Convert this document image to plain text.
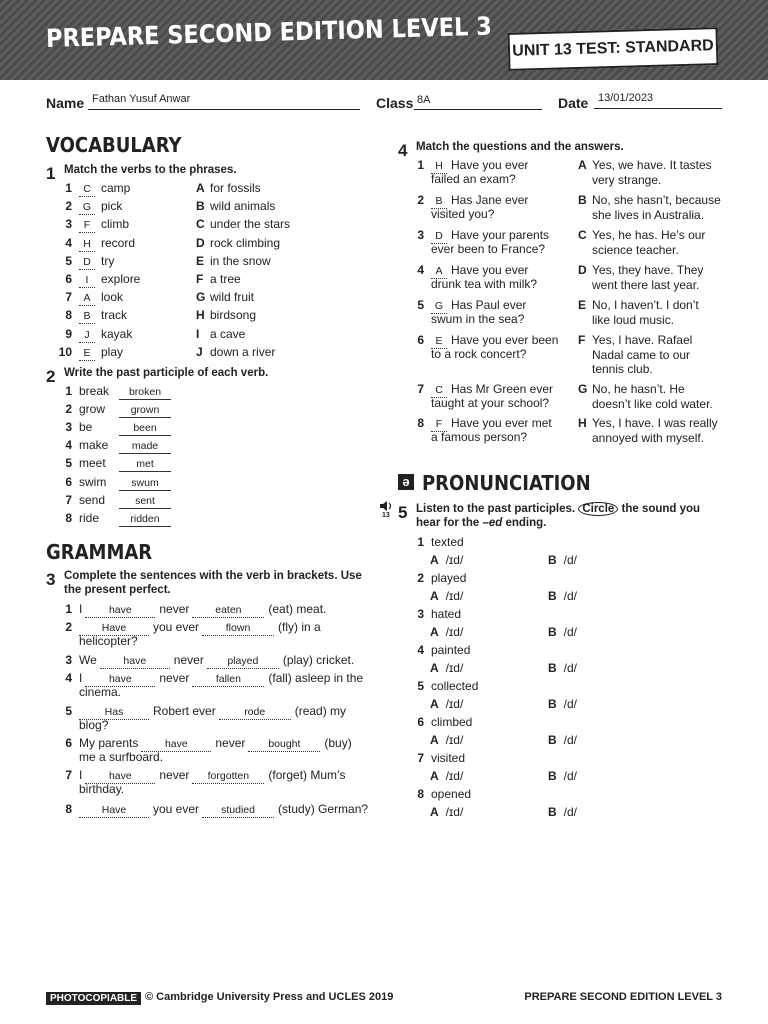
PREPARE SECOND EDITION LEVEL 3 UNIT 13 TEST: STANDARD
Name Fathan Yusuf Anwar	Class 8A	Date 13/01/2023
VOCABULARY
1 Match the verbs to the phrases.
1 C camp	A for fossils
2 G pick	B wild animals
3 F climb	C under the stars
4 H record	D rock climbing
5 D try	E in the snow
6 I explore	F a tree
7 A look	G wild fruit
8 B track	H birdsong
9 J kayak	I a cave
10 E play	J down a river
2 Write the past participle of each verb.
1 break broken
2 grow grown
3 be	been
4 make made
5 meet	met
6 swim swum
7 send	sent
8 ride	ridden
GRAMMAR
3 Complete the sentences with the verb in brackets. Use the present perfect.
1 I	have never eaten (eat) meat.
2	Have you ever	flown (fly) in a
helicopter?
3 We	have never played (play) cricket.
4 I	have never	fallen (fall) asleep in the
cinema.
5	Has Robert ever	rode (read) my
blog?
6 My parents	have never bought (buy)
me a surfboard.
7 I	have never forgotten (forget) Mum’s
birthday.
8	Have you ever studied (study) German?
4 Match the questions and the answers.
1 H Have you ever
failed an exam?
2 B Has Jane ever
visited you?
3 D Have your parents
ever been to France?
4 A Have you ever
drunk tea with milk?
5 G Has Paul ever
swum in the sea?
6 E Have you ever been
to a rock concert?
7 C Has Mr Green ever
taught at your school?
8 F Have you ever met
a famous person?
A Yes, we have. It tastes
very strange.
B No, she hasn’t, because
she lives in Australia.
C Yes, he has. He’s our
science teacher.
D Yes, they have. They
went there last year.
E No, I haven’t. I don’t
like loud music.
F Yes, I have. Rafael
Nadal came to our
tennis club.
G No, he hasn’t. He
doesn’t like cold water.
H Yes, I have. I was really
annoyed with myself.
ə PRONUNCIATION
13 5 Listen to the past participles. Circle the sound you
hear for the –ed ending.
1 texted
A /ɪd/	B /d/
2 played
A /ɪd/	B /d/
3 hated
A /ɪd/	B /d/
4 painted
A /ɪd/	B /d/
5 collected
A /ɪd/	B /d/
6 climbed
A /ɪd/	B /d/
7 visited
A /ɪd/	B /d/
8 opened
A /ɪd/	B /d/
PHOTOCOPIABLE © Cambridge University Press and UCLES 2019	PREPARE SECOND EDITION LEVEL 3
